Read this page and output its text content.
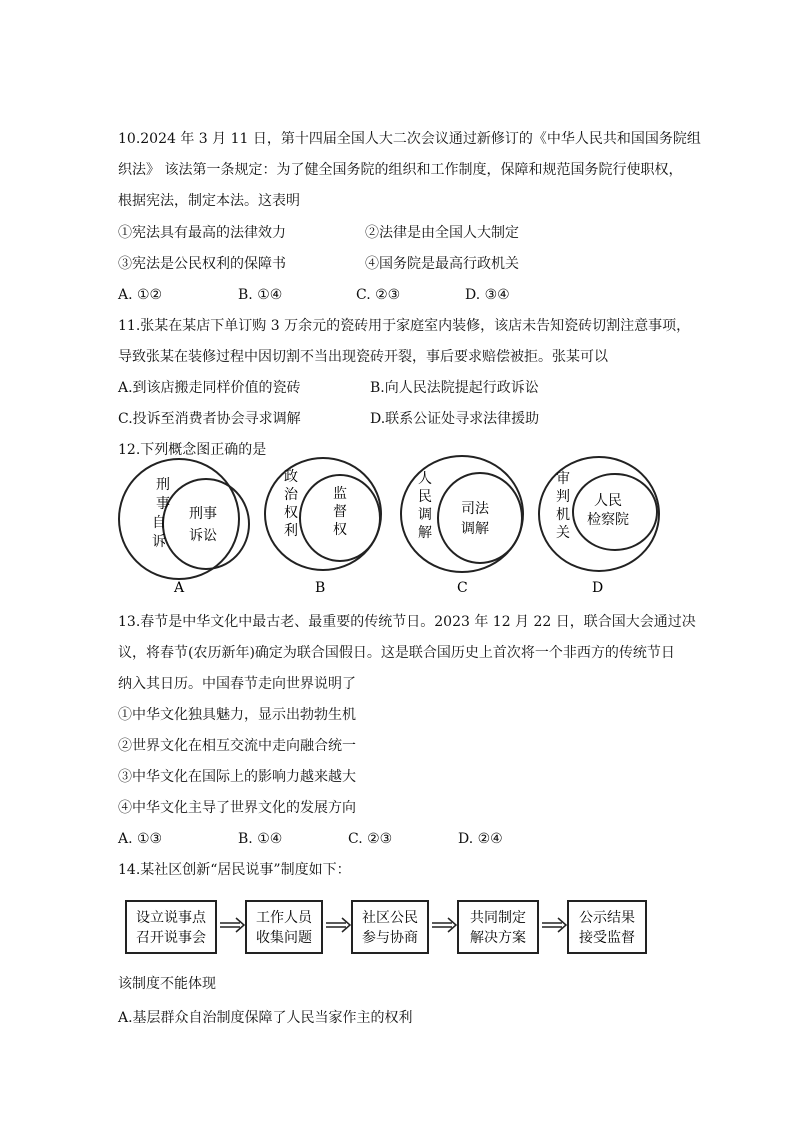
10.2024 年 3 月 11 日，第十四届全国人大二次会议通过新修订的《中华人民共和国国务院组
织法》 该法第一条规定：为了健全国务院的组织和工作制度，保障和规范国务院行使职权，
根据宪法，制定本法。这表明
①宪法具有最高的法律效力	②法律是由全国人大制定
③宪法是公民权利的保障书	④国务院是最高行政机关
A. ①②	B. ①④	C. ②③	D. ③④
11.张某在某店下单订购 3 万余元的瓷砖用于家庭室内装修，该店未告知瓷砖切割注意事项，
导致张某在装修过程中因切割不当出现瓷砖开裂，事后要求赔偿被拒。张某可以
A.到该店搬走同样价值的瓷砖	B.向人民法院提起行政诉讼
C.投诉至消费者协会寻求调解	D.联系公证处寻求法律援助
12.下列概念图正确的是
刑
事
自
诉
刑事
诉讼
A
政
治
权
利
监
督
权
B
人
民
调
解
司法
调解
C
审
判
机
关
人民
检察院
D
13.春节是中华文化中最古老、最重要的传统节日。2023 年 12 月 22 日，联合国大会通过决
议，将春节(农历新年)确定为联合国假日。这是联合国历史上首次将一个非西方的传统节日
纳入其日历。中国春节走向世界说明了
①中华文化独具魅力，显示出勃勃生机
②世界文化在相互交流中走向融合统一
③中华文化在国际上的影响力越来越大
④中华文化主导了世界文化的发展方向
A. ①③	B. ①④	C. ②③	D. ②④
14.某社区创新“居民说事”制度如下：
设立说事点
召开说事会
工作人员
收集问题
社区公民
参与协商
共同制定
解决方案
公示结果
接受监督
该制度不能体现
A.基层群众自治制度保障了人民当家作主的权利
